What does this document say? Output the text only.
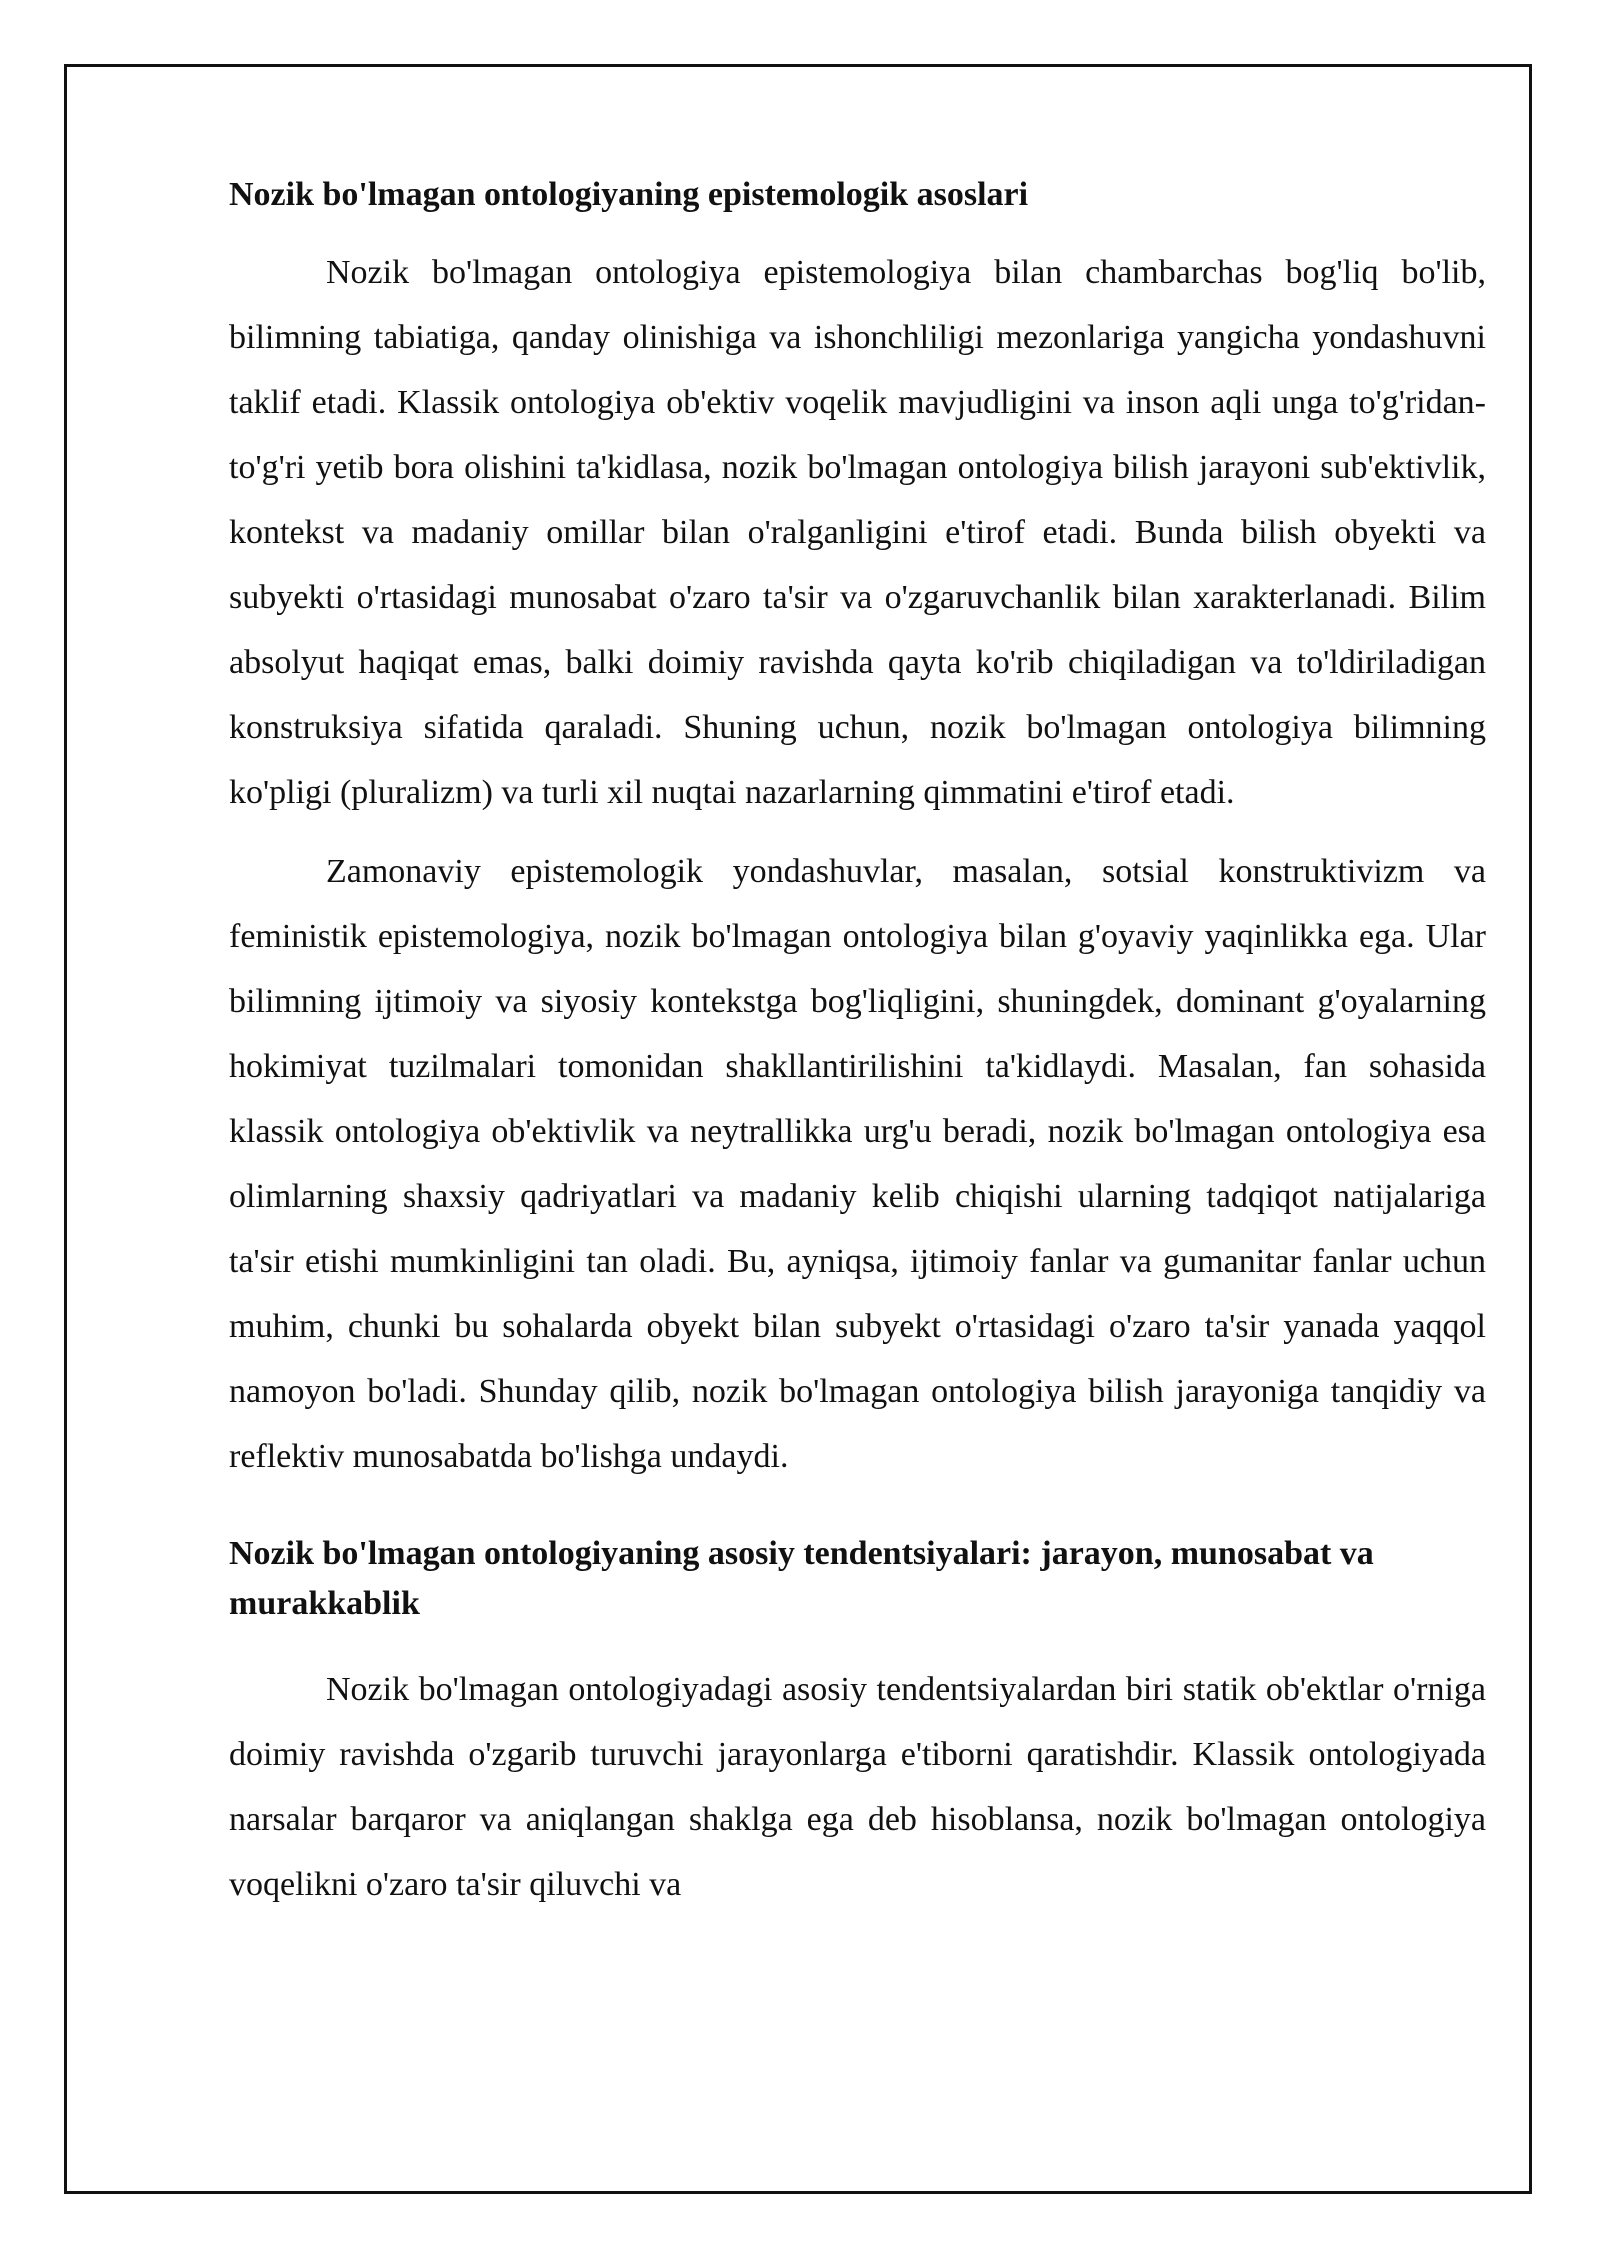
Nozik bo'lmagan ontologiyaning epistemologik asoslari

Nozik bo'lmagan ontologiya epistemologiya bilan chambarchas bog'liq bo'lib, bilimning tabiatiga, qanday olinishiga va ishonchliligi mezonlariga yangicha yondashuvni taklif etadi. Klassik ontologiya ob'ektiv voqelik mavjudligini va inson aqli unga to'g'ridan-to'g'ri yetib bora olishini ta'kidlasa, nozik bo'lmagan ontologiya bilish jarayoni sub'ektivlik, kontekst va madaniy omillar bilan o'ralganligini e'tirof etadi. Bunda bilish obyekti va subyekti o'rtasidagi munosabat o'zaro ta'sir va o'zgaruvchanlik bilan xarakterlanadi. Bilim absolyut haqiqat emas, balki doimiy ravishda qayta ko'rib chiqiladigan va to'ldiriladigan konstruksiya sifatida qaraladi. Shuning uchun, nozik bo'lmagan ontologiya bilimning ko'pligi (pluralizm) va turli xil nuqtai nazarlarning qimmatini e'tirof etadi.

Zamonaviy epistemologik yondashuvlar, masalan, sotsial konstruktivizm va feministik epistemologiya, nozik bo'lmagan ontologiya bilan g'oyaviy yaqinlikka ega. Ular bilimning ijtimoiy va siyosiy kontekstga bog'liqligini, shuningdek, dominant g'oyalarning hokimiyat tuzilmalari tomonidan shakllantirilishini ta'kidlaydi. Masalan, fan sohasida klassik ontologiya ob'ektivlik va neytrallikka urg'u beradi, nozik bo'lmagan ontologiya esa olimlarning shaxsiy qadriyatlari va madaniy kelib chiqishi ularning tadqiqot natijalariga ta'sir etishi mumkinligini tan oladi. Bu, ayniqsa, ijtimoiy fanlar va gumanitar fanlar uchun muhim, chunki bu sohalarda obyekt bilan subyekt o'rtasidagi o'zaro ta'sir yanada yaqqol namoyon bo'ladi. Shunday qilib, nozik bo'lmagan ontologiya bilish jarayoniga tanqidiy va reflektiv munosabatda bo'lishga undaydi.

Nozik bo'lmagan ontologiyaning asosiy tendentsiyalari: jarayon, munosabat va murakkablik

Nozik bo'lmagan ontologiyadagi asosiy tendentsiyalardan biri statik ob'ektlar o'rniga doimiy ravishda o'zgarib turuvchi jarayonlarga e'tiborni qaratishdir. Klassik ontologiyada narsalar barqaror va aniqlangan shaklga ega deb hisoblansa, nozik bo'lmagan ontologiya voqelikni o'zaro ta'sir qiluvchi va
